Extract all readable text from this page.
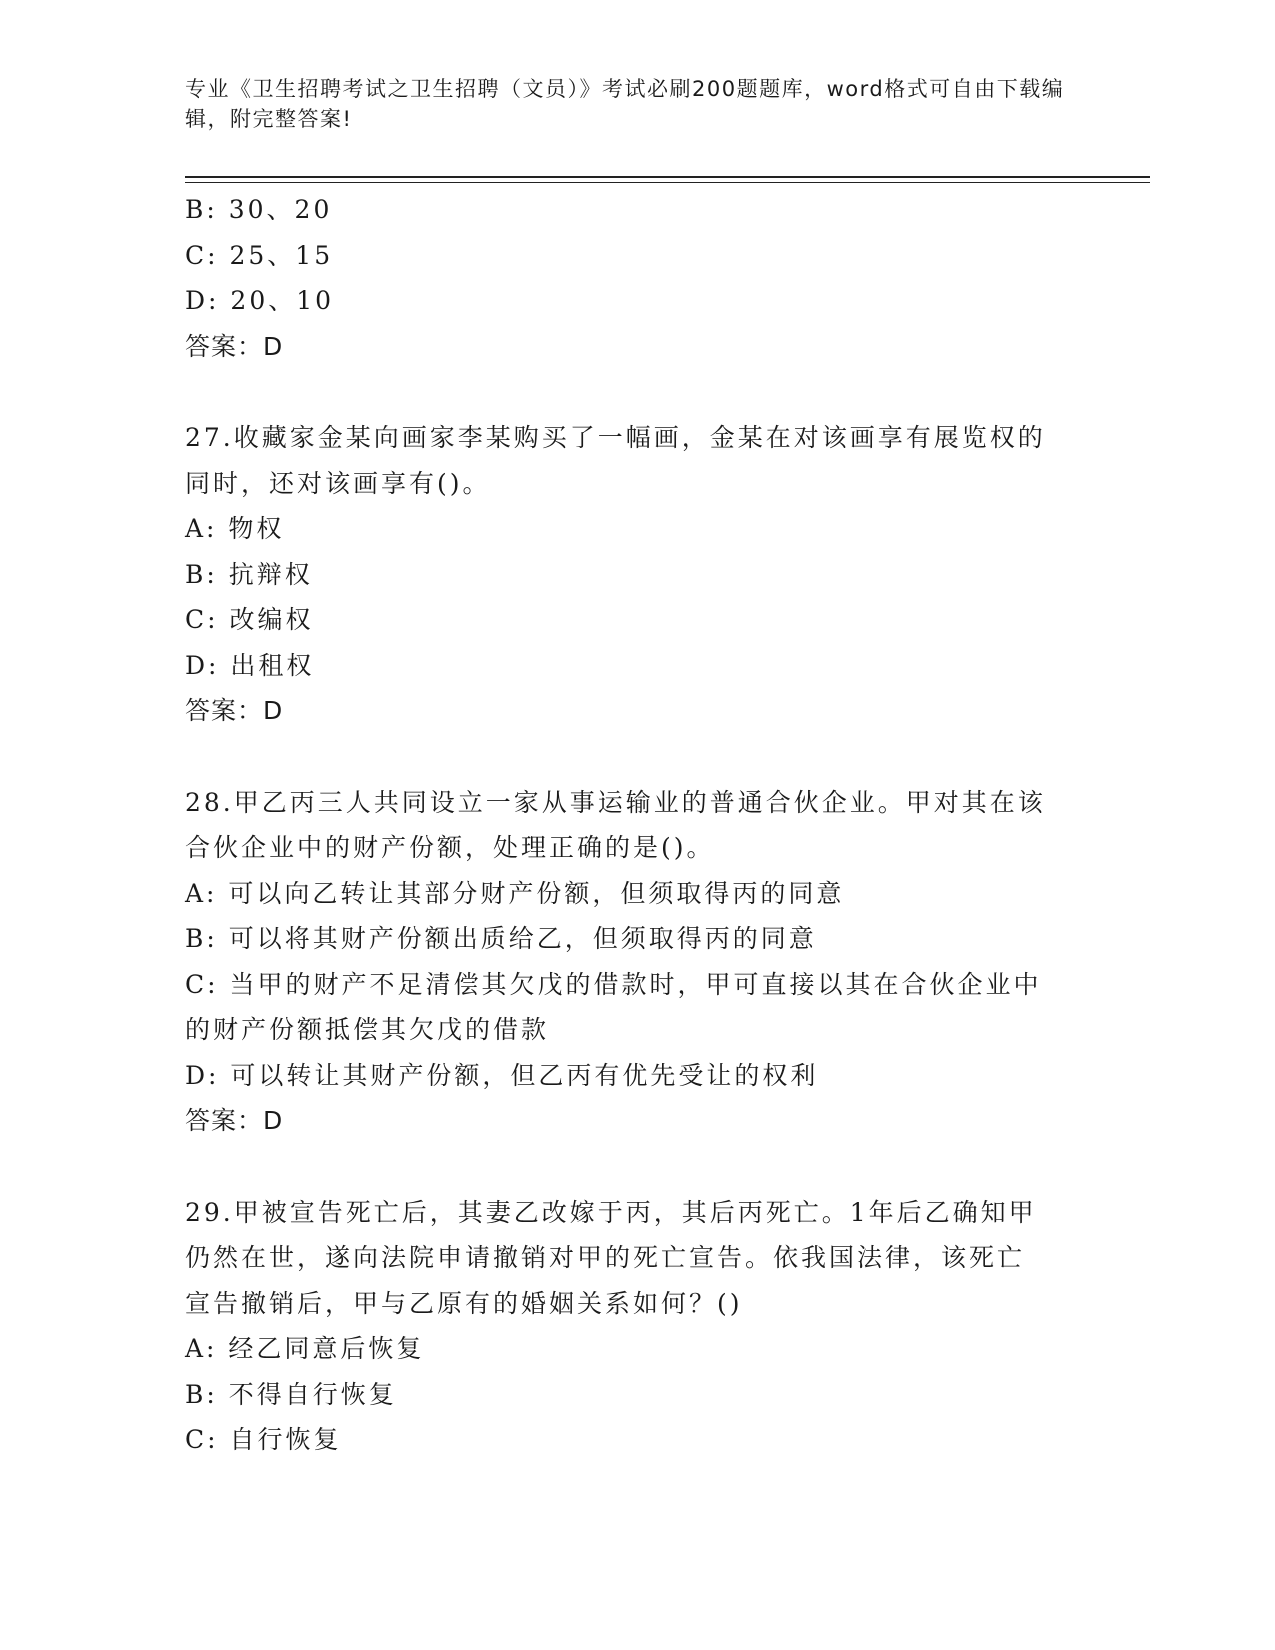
专业《卫生招聘考试之卫生招聘（文员）》考试必刷200题题库，word格式可自由下载编辑，附完整答案!
B: 30、20
C: 25、15
D: 20、10
答案：D
27.收藏家金某向画家李某购买了一幅画，金某在对该画享有展览权的
同时，还对该画享有()。
A: 物权
B: 抗辩权
C: 改编权
D: 出租权
答案：D
28.甲乙丙三人共同设立一家从事运输业的普通合伙企业。甲对其在该
合伙企业中的财产份额，处理正确的是()。
A: 可以向乙转让其部分财产份额，但须取得丙的同意
B: 可以将其财产份额出质给乙，但须取得丙的同意
C: 当甲的财产不足清偿其欠戊的借款时，甲可直接以其在合伙企业中
的财产份额抵偿其欠戊的借款
D: 可以转让其财产份额，但乙丙有优先受让的权利
答案：D
29.甲被宣告死亡后，其妻乙改嫁于丙，其后丙死亡。1年后乙确知甲
仍然在世，遂向法院申请撤销对甲的死亡宣告。依我国法律，该死亡
宣告撤销后，甲与乙原有的婚姻关系如何？()
A: 经乙同意后恢复
B: 不得自行恢复
C: 自行恢复
